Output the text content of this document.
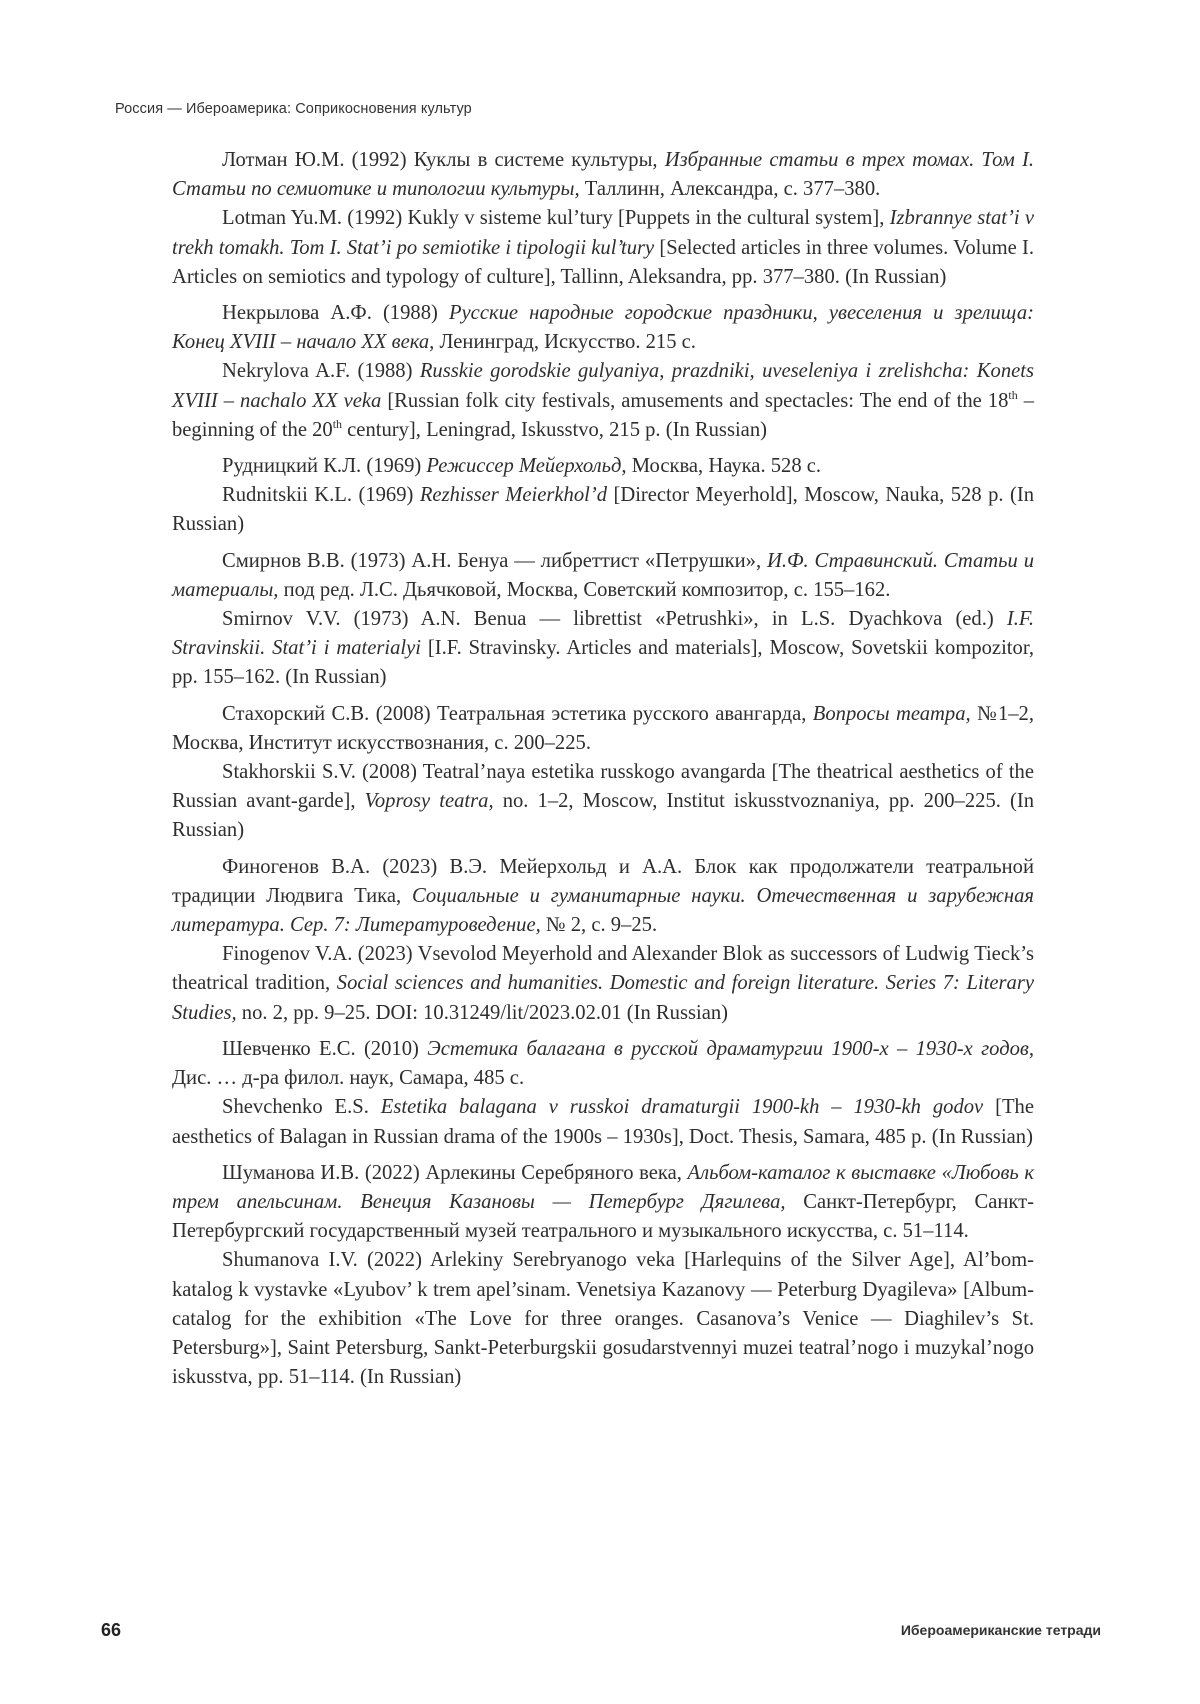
Россия — Ибероамерика: Соприкосновения культур

Лотман Ю.М. (1992) Куклы в системе культуры, Избранные статьи в трех томах. Том I. Статьи по семиотике и типологии культуры, Таллинн, Александра, с. 377–380.

Lotman Yu.M. (1992) Kukly v sisteme kul’tury [Puppets in the cultural system], Izbrannye stat’i v trekh tomakh. Tom I. Stat’i po semiotike i tipologii kul’tury [Selected articles in three vol­umes. Volume I. Articles on semiotics and typology of culture], Tallinn, Aleksandra, pp. 377–380. (In Russian)

Некрылова А.Ф. (1988) Русские народные городские праздники, увеселения и зрелища: Конец XVIII – начало XX века, Ленинград, Искусство. 215 с.

Nekrylova A.F. (1988) Russkie gorodskie gulyaniya, prazdniki, uveseleniya i zrelishcha: Konets XVIII – nachalo XX veka [Russian folk city festivals, amusements and spectacles: The end of the 18th – beginning of the 20th century], Leningrad, Iskusstvo, 215 p. (In Russian)

Рудницкий К.Л. (1969) Режиссер Мейерхольд, Москва, Наука. 528 с.

Rudnitskii K.L. (1969) Rezhisser Meierkhol’d [Director Meyerhold], Moscow, Nauka, 528 p. (In Russian)

Смирнов В.В. (1973) А.Н. Бенуа — либреттист «Петрушки», И.Ф. Стравинский. Статьи и материалы, под ред. Л.С. Дьячковой, Москва, Советский композитор, с. 155–162.

Smirnov V.V. (1973) A.N. Benua — librettist «Petrushki», in L.S. Dyachkova (ed.) I.F. Stravinskii. Stat’i i materialyi [I.F. Stravinsky. Articles and materials], Moscow, Sovetskii kompozitor, pp. 155–162. (In Russian)

Стахорский С.В. (2008) Театральная эстетика русского авангарда, Вопросы театра, №1–2, Москва, Институт искусствознания, с. 200–225.

Stakhorskii S.V. (2008) Teatral’naya estetika russkogo avangarda [The theatrical aesthet­ics of the Russian avant-garde], Voprosy teatra, no. 1–2, Moscow, Institut iskusstvoznaniya, pp. 200–225. (In Russian)

Финогенов В.А. (2023) В.Э. Мейерхольд и А.А. Блок как продолжатели театральной традиции Людвига Тика, Социальные и гуманитарные науки. Отечественная и зарубежная литература. Сер. 7: Литературоведение, № 2, с. 9–25.

Finogenov V.A. (2023) Vsevolod Meyerhold and Alexander Blok as successors of Ludwig Tieck’s theatrical tradition, Social sciences and humanities. Domestic and foreign literature. Se­ries 7: Literary Studies, no. 2, pp. 9–25. DOI: 10.31249/lit/2023.02.01 (In Russian)

Шевченко Е.С. (2010) Эстетика балагана в русской драматургии 1900-х – 1930-х годов, Дис. … д-ра филол. наук, Самара, 485 с.

Shevchenko E.S. Estetika balagana v russkoi dramaturgii 1900-kh – 1930-kh godov [The aesthetics of Balagan in Russian drama of the 1900s – 1930s], Doct. Thesis, Samara, 485 p. (In Russian)

Шуманова И.В. (2022) Арлекины Серебряного века, Альбом-каталог к выставке «Любовь к трем апельсинам. Венеция Казановы — Петербург Дягилева, Санкт-Петербург, Санкт-Петербургский государственный музей театрального и музыкального искусства, с. 51–114.

Shumanova I.V. (2022) Arlekiny Serebryanogo veka [Harlequins of the Silver Age], Al’bom-katalog k vystavke «Lyubov’ k trem apel’sinam. Venetsiya Kazanovy — Peterburg Dy­agileva» [Album-catalog for the exhibition «The Love for three oranges. Casanova’s Venice — Diaghilev’s St. Petersburg»], Saint Petersburg, Sankt-Peterburgskii gosudarstvennyi muzei tea­tral’nogo i muzykal’nogo iskusstva, pp. 51–114. (In Russian)

66	Ибероамериканские тетради
